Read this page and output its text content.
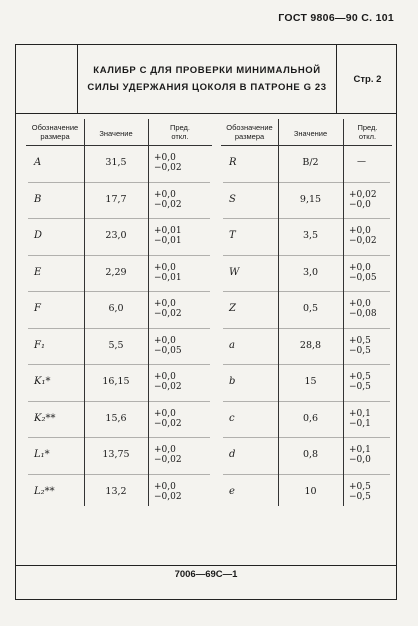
ГОСТ 9806—90 С. 101
КАЛИБР С ДЛЯ ПРОВЕРКИ МИНИМАЛЬНОЙ
СИЛЫ УДЕРЖАНИЯ ЦОКОЛЯ В ПАТРОНЕ G 23
Стр. 2
Обозначение
размера	Значение
Пред.
откл.
A	31,5	+0,0
−0,02
B	17,7	+0,0
−0,02
D	23,0	+0,01
−0,01
E	2,29	+0,0
−0,01
F	6,0	+0,0
−0,02
F₁	5,5	+0,0
−0,05
K₁*	16,15	+0,0
−0,02
K₂**	15,6	+0,0
−0,02
L₁*	13,75	+0,0
−0,02
L₂**	13,2	+0,0
−0,02
Обозначение
размера	Значение
Пред.
откл.
R	B/2	—
S	9,15	+0,02
−0,0
T	3,5	+0,0
−0,02
W	3,0	+0,0
−0,05
Z	0,5	+0,0
−0,08
a	28,8	+0,5
−0,5
b	15	+0,5
−0,5
c	0,6	+0,1
−0,1
d	0,8	+0,1
−0,0
e	10	+0,5
−0,5
7006—69С—1
